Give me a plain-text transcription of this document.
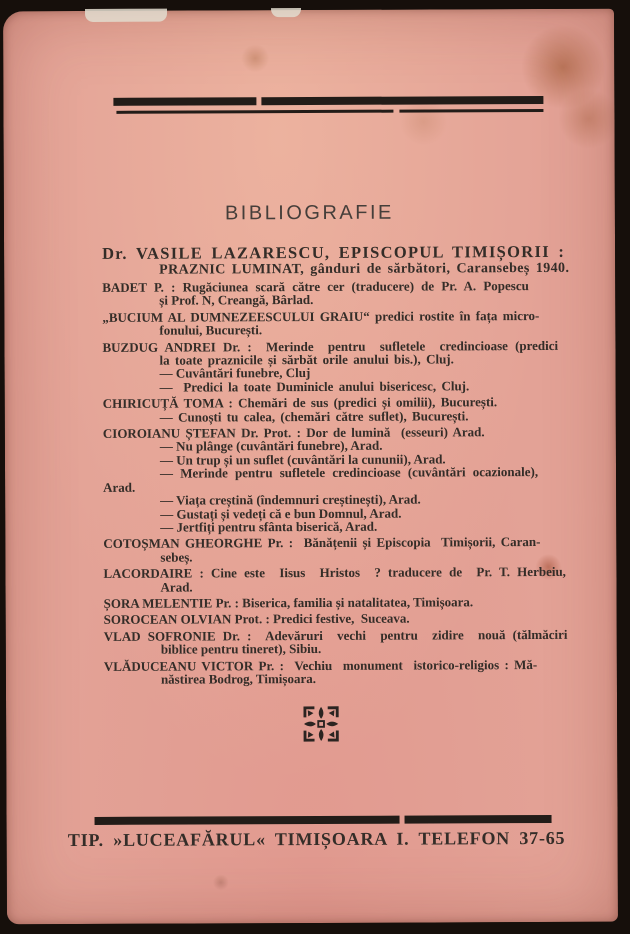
BIBLIOGRAFIE
Dr. VASILE LAZARESCU, EPISCOPUL TIMIȘORII :
PRAZNIC LUMINAT, gânduri de sărbători, Caransebeș 1940.
BADET P. : Rugăciunea scară către cer (traducere) de Pr. A. Popescu
și Prof. N, Creangă, Bârlad.
„BUCIUM AL DUMNEZEESCULUI GRAIU“ predici rostite în fața micro-
fonului, București.
BUZDUG ANDREI Dr. :  Merinde  pentru  sufletele  credincioase (predici
la toate praznicile și sărbăt orile anului bis.), Cluj.
— Cuvântări funebre, Cluj
—  Predici la toate Duminicle anului bisericesc, Cluj.
CHIRICUȚĂ TOMA : Chemări de sus (predici și omilii), București.
— Cunoști tu calea, (chemări către suflet), București.
CIOROIANU ȘTEFAN Dr. Prot. : Dor de lumină  (esseuri) Arad.
— Nu plânge (cuvântări funebre), Arad.
— Un trup și un suflet (cuvântări la cununii), Arad.
— Merinde pentru sufletele credincioase (cuvântări ocazionale),
Arad.
— Viața creștină (îndemnuri creștinești), Arad.
— Gustați și vedeți că e bun Domnul, Arad.
— Jertfiți pentru sfânta biserică, Arad.
COTOȘMAN GHEORGHE Pr. :  Bănățenii și Episcopia  Timișorii, Caran-
sebeș.
LACORDAIRE : Cine este  Iisus  Hristos  ? traducere de  Pr. T. Herbeiu,
Arad.
ȘORA MELENTIE Pr. : Biserica, familia și natalitatea, Timișoara.
SOROCEAN OLVIAN Prot. : Predici festive,  Suceava.
VLAD SOFRONIE Dr. :  Adevăruri  vechi  pentru  zidire  nouă (tălmăciri
biblice pentru tineret), Sibiu.
VLĂDUCEANU VICTOR Pr. :  Vechiu  monument  istorico-religios : Mă-
năstirea Bodrog, Timișoara.
TIP. »LUCEAFĂRUL« TIMIȘOARA I. TELEFON 37-65
